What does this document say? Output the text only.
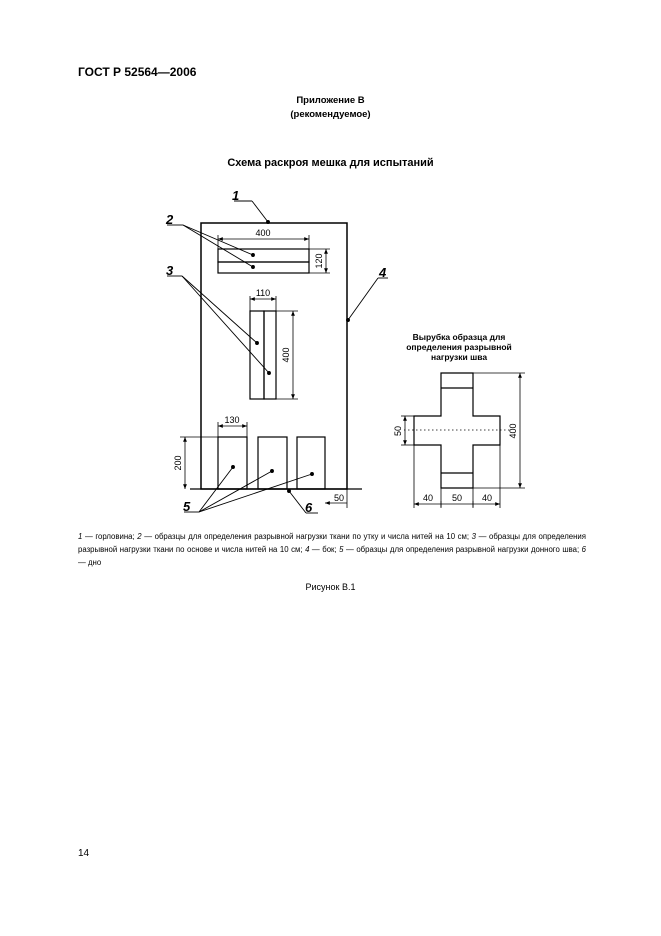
ГОСТ Р 52564—2006
Приложение В
(рекомендуемое)
Схема раскроя мешка для испытаний
1
2
3	4
5	6
400
120
110
400
130
200
50
Вырубка образца для
определения разрывной
нагрузки шва
400
50
40 50 40
1 — горловина; 2 — образцы для определения разрывной нагрузки ткани по утку и числа нитей на 10 см; 3 — образцы для определения разрывной нагрузки ткани по основе и числа нитей на 10 см; 4 — бок; 5 — образцы для определения разрывной нагрузки донного шва; 6 — дно
Рисунок В.1
14
